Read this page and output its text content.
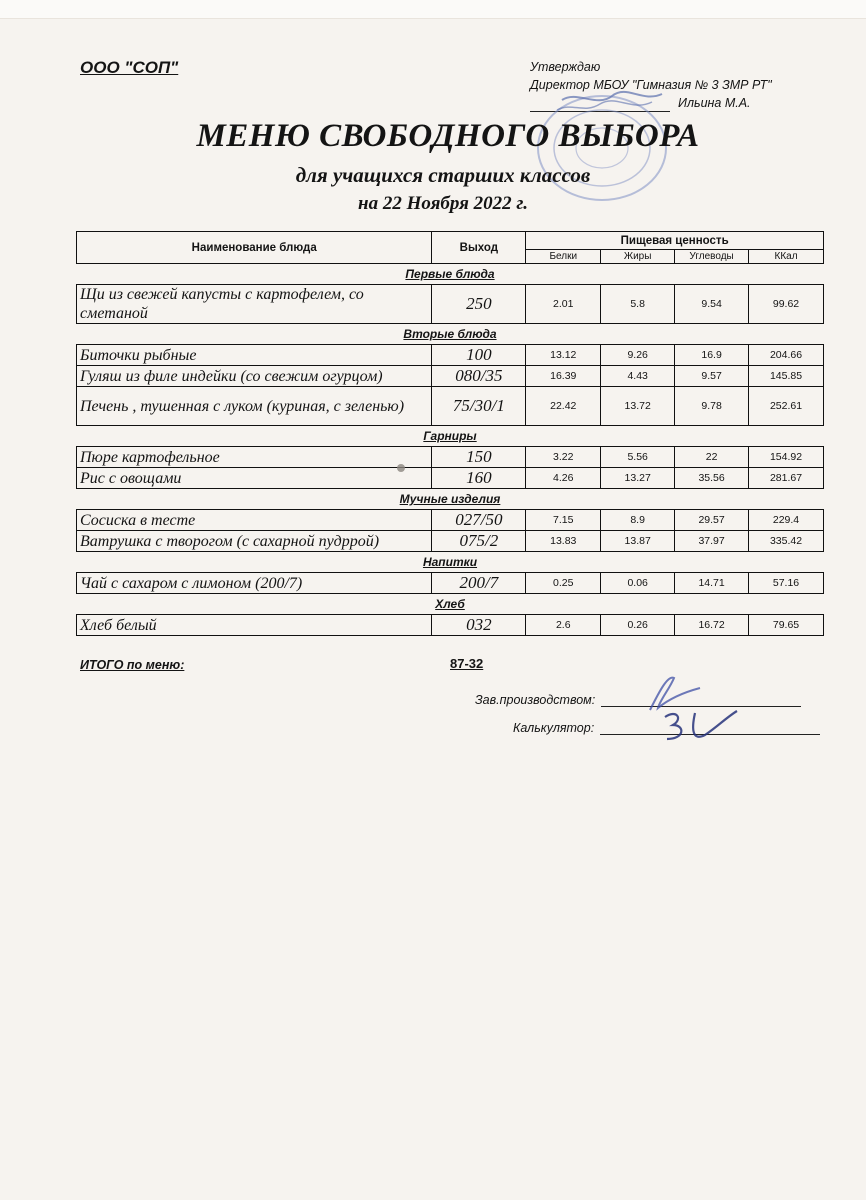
ООО "СОП"	Утверждаю
Директор МБОУ "Гимназия № 3 ЗМР РТ"
Ильина М.А.
МЕНЮ СВОБОДНОГО ВЫБОРА
для учащихся старших классов
на 22 Ноября 2022 г.
Наименование блюда	Выход	Пищевая ценность			
		Белки	Жиры	Углеводы	ККал
Первые блюда					
Щи из свежей капусты с картофелем, со сметаной	250	2.01	5.8	9.54	99.62
Вторые блюда					
Биточки рыбные	100	13.12	9.26	16.9	204.66
Гуляш из филе индейки (со свежим огурцом)	080/35	16.39	4.43	9.57	145.85
Печень , тушенная с луком (куриная, с зеленью)	75/30/1	22.42	13.72	9.78	252.61
Гарниры					
Пюре картофельное	150	3.22	5.56	22	154.92
Рис с овощами	160	4.26	13.27	35.56	281.67
Мучные изделия					
Сосиска в тесте	027/50	7.15	8.9	29.57	229.4
Ватрушка с творогом (с сахарной пудррой)	075/2	13.83	13.87	37.97	335.42
Напитки					
Чай с сахаром с лимоном (200/7)	200/7	0.25	0.06	14.71	57.16
Хлеб					
Хлеб белый	032	2.6	0.26	16.72	79.65
ИТОГО по меню:	87-32
Зав.производством:
Калькулятор:
